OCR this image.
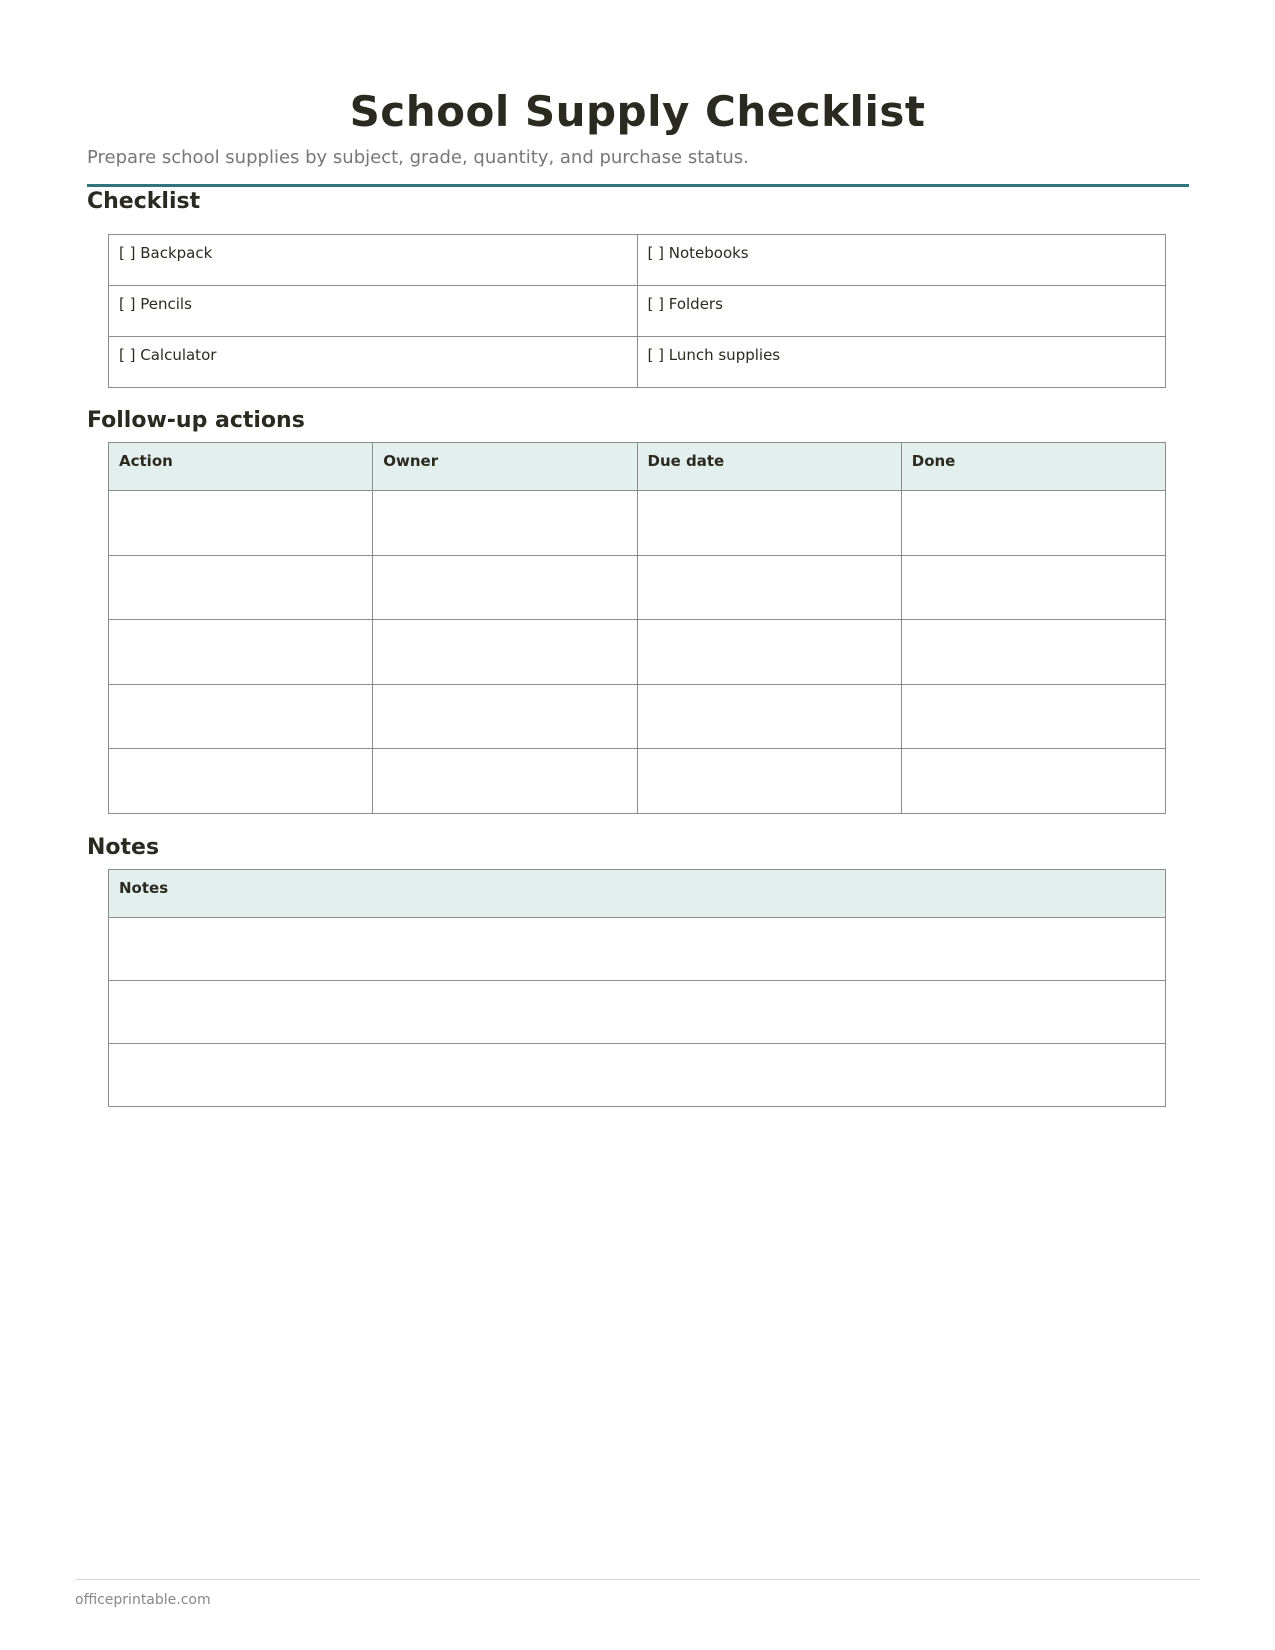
School Supply Checklist
Prepare school supplies by subject, grade, quantity, and purchase status.
Checklist
[ ] Backpack	[ ] Notebooks
[ ] Pencils	[ ] Folders
[ ] Calculator	[ ] Lunch supplies
Follow-up actions
Action	Owner	Due date	Done

Notes
Notes

officeprintable.com
